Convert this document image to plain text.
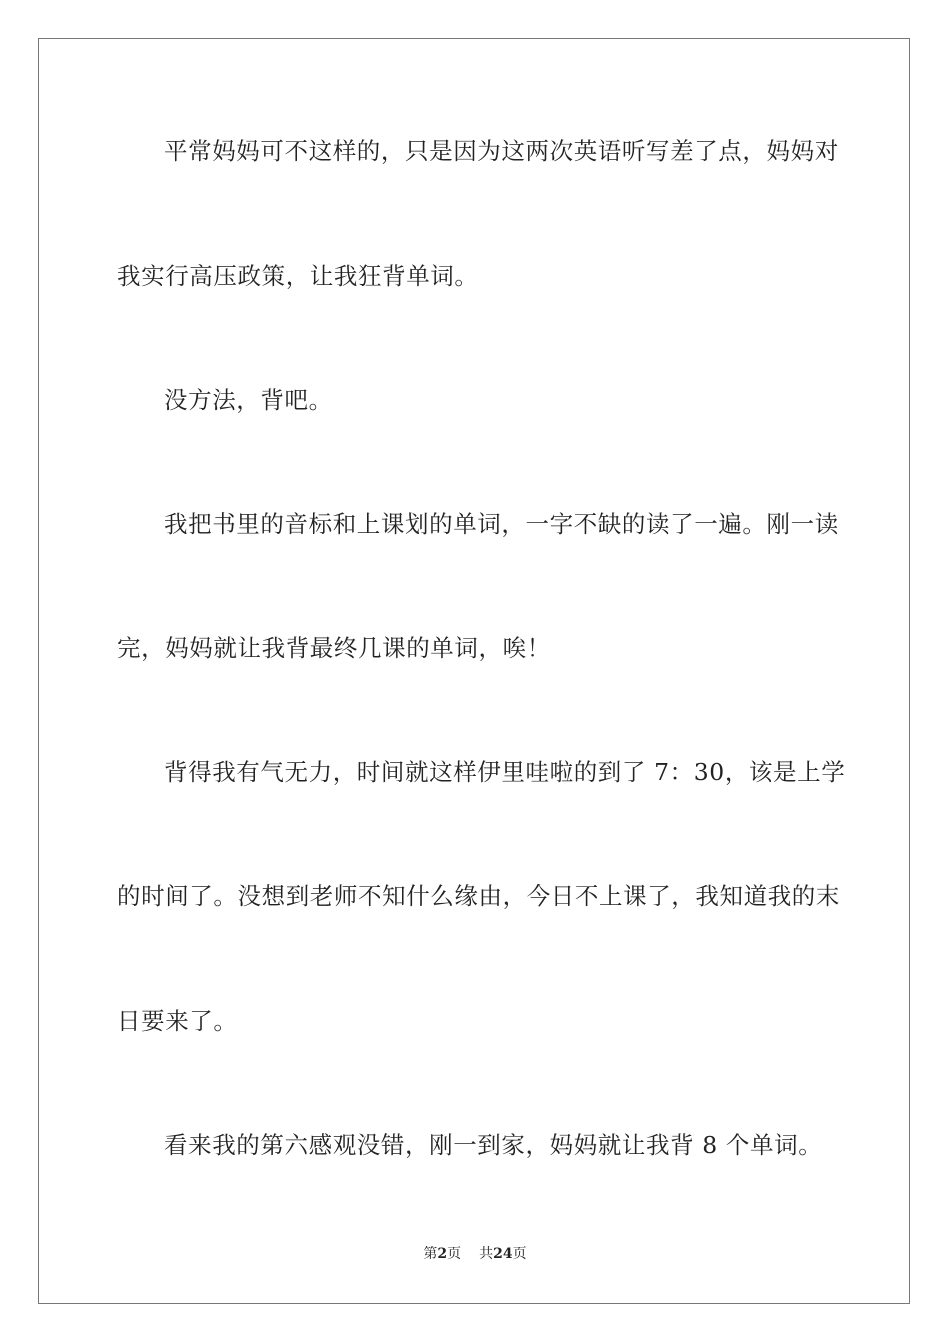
平常妈妈可不这样的，只是因为这两次英语听写差了点，妈妈对
我实行高压政策，让我狂背单词。
没方法，背吧。
我把书里的音标和上课划的单词，一字不缺的读了一遍。刚一读
完，妈妈就让我背最终几课的单词，唉！
背得我有气无力，时间就这样伊里哇啦的到了 7：30，该是上学
的时间了。没想到老师不知什么缘由，今日不上课了，我知道我的末
日要来了。
看来我的第六感观没错，刚一到家，妈妈就让我背 8 个单词。
第2页 共24页
